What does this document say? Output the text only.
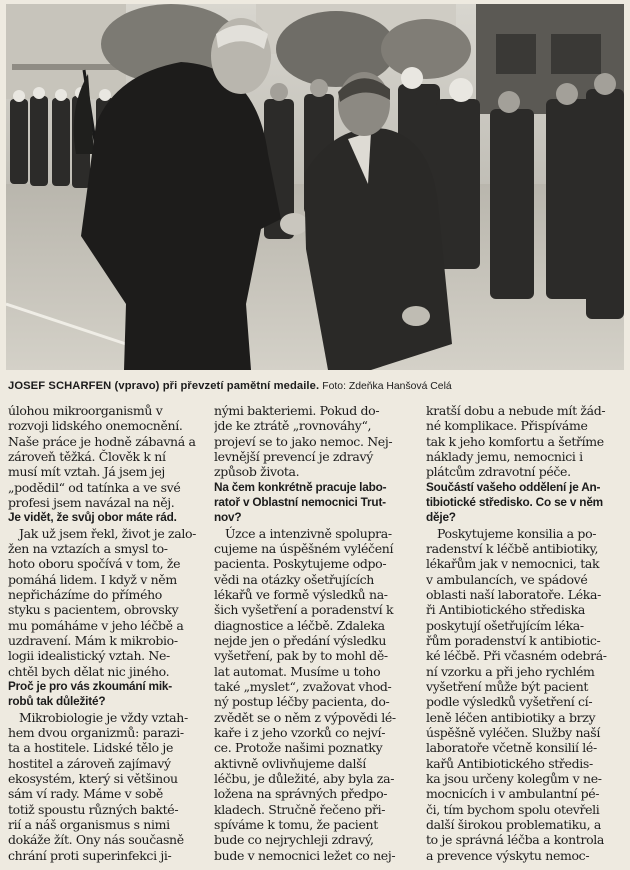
JOSEF SCHARFEN (vpravo) při převzetí pamětní medaile. Foto: Zdeňka Hanšová Celá
úlohou mikroorganismů v
rozvoji lidského onemocnění.
Naše práce je hodně zábavná a
zároveň těžká. Člověk k ní
musí mít vztah. Já jsem jej
„podědil“ od tatínka a ve své
profesi jsem navázal na něj.
Je vidět, že svůj obor máte rád.
Jak už jsem řekl, život je zalo-
žen na vztazích a smysl to-
hoto oboru spočívá v tom, že
pomáhá lidem. I když v něm
nepřicházíme do přímého
styku s pacientem, obrovsky
mu pomáháme v jeho léčbě a
uzdravení. Mám k mikrobio-
logii idealistický vztah. Ne-
chtěl bych dělat nic jiného.
Proč je pro vás zkoumání mik-
robů tak důležité?
Mikrobiologie je vždy vztah-
hem dvou organizmů: parazi-
ta a hostitele. Lidské tělo je
hostitel a zároveň zajímavý
ekosystém, který si většinou
sám ví rady. Máme v sobě
totiž spoustu různých bakté-
rií a náš organismus s nimi
dokáže žít. Ony nás současně
chrání proti superinfekci ji-
nými bakteriemi. Pokud do-
jde ke ztrátě „rovnováhy“,
projeví se to jako nemoc. Nej-
levnější prevencí je zdravý
způsob života.
Na čem konkrétně pracuje labo-
ratoř v Oblastní nemocnici Trut-
nov?
Úzce a intenzivně spolupra-
cujeme na úspěšném vyléčení
pacienta. Poskytujeme odpo-
vědi na otázky ošetřujících
lékařů ve formě výsledků na-
šich vyšetření a poradenství k
diagnostice a léčbě. Zdaleka
nejde jen o předání výsledku
vyšetření, pak by to mohl dě-
lat automat. Musíme u toho
také „myslet“, zvažovat vhod-
ný postup léčby pacienta, do-
zvědět se o něm z výpovědi lé-
kaře i z jeho vzorků co nejví-
ce. Protože našimi poznatky
aktivně ovlivňujeme další
léčbu, je důležité, aby byla za-
ložena na správných předpo-
kladech. Stručně řečeno při-
spíváme k tomu, že pacient
bude co nejrychleji zdravý,
bude v nemocnici ležet co nej-
kratší dobu a nebude mít žád-
né komplikace. Přispíváme
tak k jeho komfortu a šetříme
náklady jemu, nemocnici i
plátcům zdravotní péče.
Součástí vašeho oddělení je An-
tibiotické středisko. Co se v něm
děje?
Poskytujeme konsilia a po-
radenství k léčbě antibiotiky,
lékařům jak v nemocnici, tak
v ambulancích, ve spádové
oblasti naší laboratoře. Léka-
ři Antibiotického střediska
poskytují ošetřujícím léka-
řům poradenství k antibiotic-
ké léčbě. Při včasném odebrá-
ní vzorku a při jeho rychlém
vyšetření může být pacient
podle výsledků vyšetření cí-
leně léčen antibiotiky a brzy
úspěšně vyléčen. Služby naší
laboratoře včetně konsilií lé-
kařů Antibiotického středis-
ka jsou určeny kolegům v ne-
mocnicích i v ambulantní pé-
či, tím bychom spolu otevřeli
další širokou problematiku, a
to je správná léčba a kontrola
a prevence výskytu nemoc-
